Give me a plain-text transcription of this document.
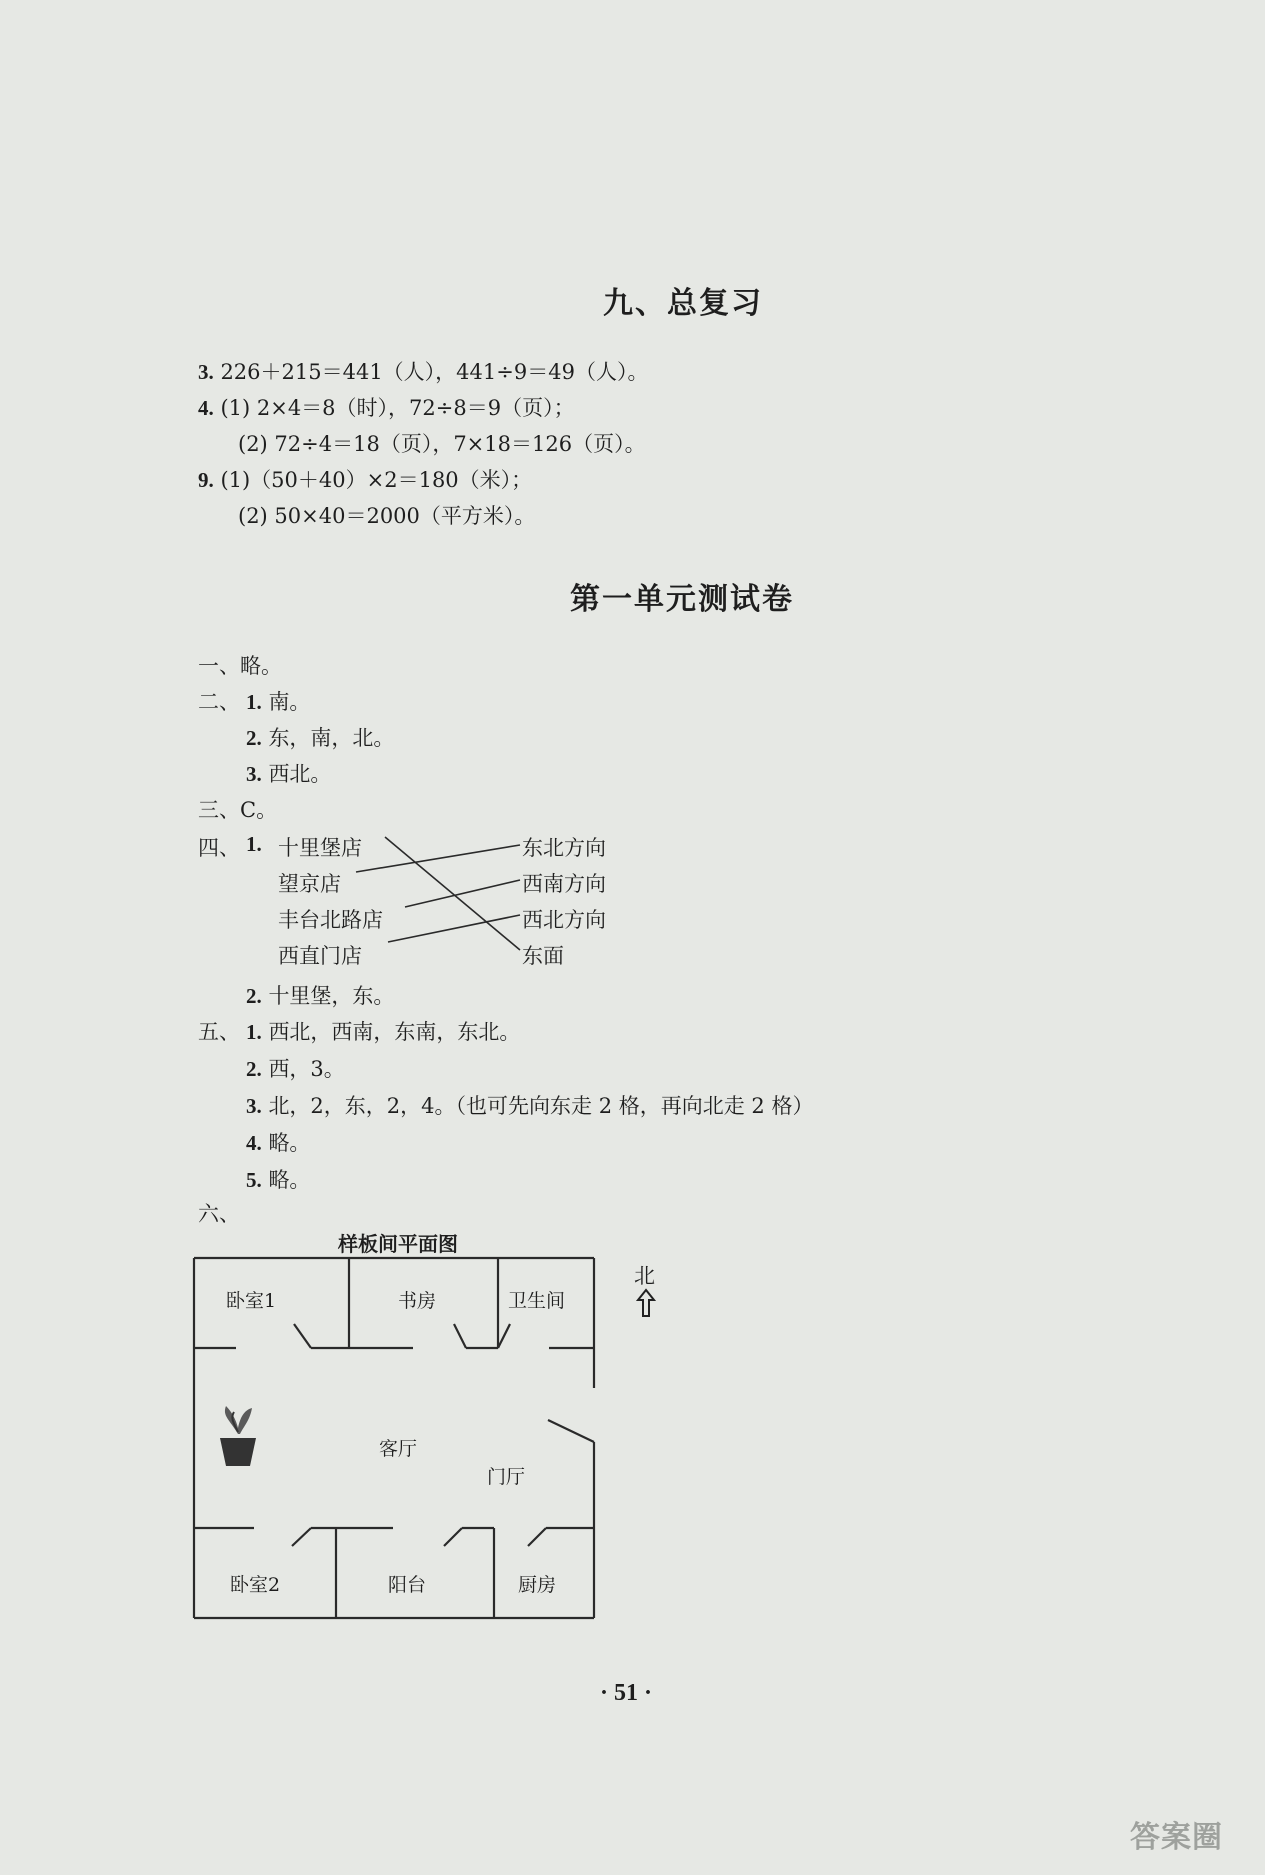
九、总复习
3. 226＋215＝441（人），441÷9＝49（人）。
4. (1) 2×4＝8（时），72÷8＝9（页）；
(2) 72÷4＝18（页），7×18＝126（页）。
9. (1)（50＋40）×2＝180（米）；
(2) 50×40＝2000（平方米）。
第一单元测试卷
一、略。
二、 1. 南。
2. 东，南，北。
3. 西北。
三、C。
四、 1. 十里堡店
望京店
丰台北路店
西直门店
东北方向
西南方向
西北方向
东面
2. 十里堡，东。
五、 1. 西北，西南，东南，东北。
2. 西，3。
3. 北，2，东，2，4。（也可先向东走 2 格，再向北走 2 格）
4. 略。
5. 略。
六、
样板间平面图
北
卧室1	书房	卫生间
客厅
门厅
卧室2	阳台	厨房
· 51 ·
答案圈
